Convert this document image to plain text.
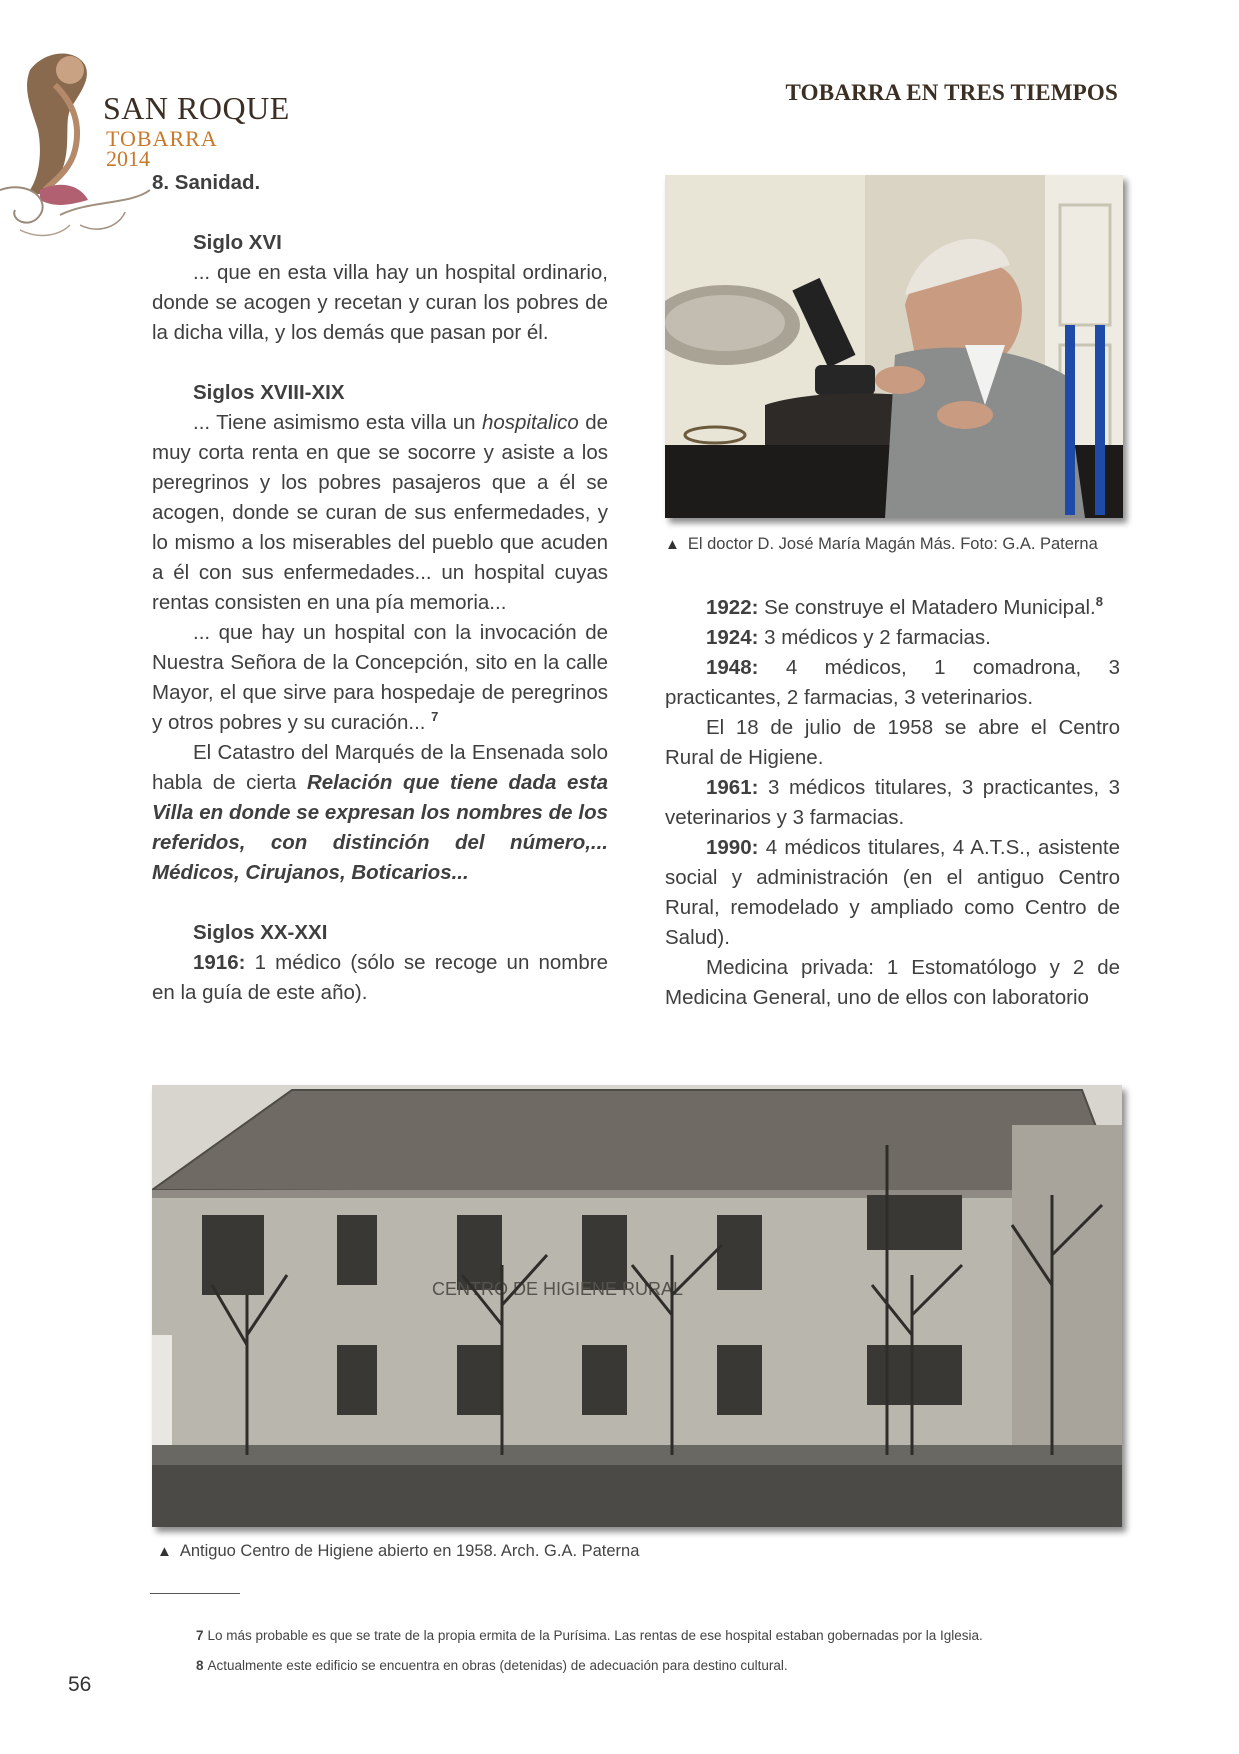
SAN ROQUE
TOBARRA
2014
TOBARRA EN TRES TIEMPOS

8. Sanidad.

Siglo XVI

... que en esta villa hay un hospital ordinario, donde se acogen y recetan y curan los pobres de la dicha villa, y los demás que pasan por él.

Siglos XVIII-XIX

... Tiene asimismo esta villa un hospitalico de muy corta renta en que se socorre y asiste a los peregrinos y los pobres pasajeros que a él se acogen, donde se curan de sus enfermedades, y lo mismo a los miserables del pueblo que acuden a él con sus enfermedades... un hospital cuyas rentas consisten en una pía memoria...

... que hay un hospital con la invocación de Nuestra Señora de la Concepción, sito en la calle Mayor, el que sirve para hospedaje de peregrinos y otros pobres y su curación... $^7$

El Catastro del Marqués de la Ensenada solo habla de cierta Relación que tiene dada esta Villa en donde se expresan los nombres de los referidos, con distinción del número,... Médicos, Cirujanos, Boticarios...

Siglos XX-XXI

1916: 1 médico (sólo se recoge un nombre en la guía de este año).

▲ El doctor D. José María Magán Más. Foto: G.A. Paterna

1922: Se construye el Matadero Municipal.$^8$

1924: 3 médicos y 2 farmacias.

1948: 4 médicos, 1 comadrona, 3 practicantes, 2 farmacias, 3 veterinarios.

El 18 de julio de 1958 se abre el Centro Rural de Higiene.

1961: 3 médicos titulares, 3 practicantes, 3 veterinarios y 3 farmacias.

1990: 4 médicos titulares, 4 A.T.S., asistente social y administración (en el antiguo Centro Rural, remodelado y ampliado como Centro de Salud).

Medicina privada: 1 Estomatólogo y 2 de Medicina General, uno de ellos con laboratorio

CENTRO DE HIGIENE RURAL
▲ Antiguo Centro de Higiene abierto en 1958. Arch. G.A. Paterna
7 Lo más probable es que se trate de la propia ermita de la Purísima. Las rentas de ese hospital estaban gobernadas por la Iglesia.
8 Actualmente este edificio se encuentra en obras (detenidas) de adecuación para destino cultural.
56
